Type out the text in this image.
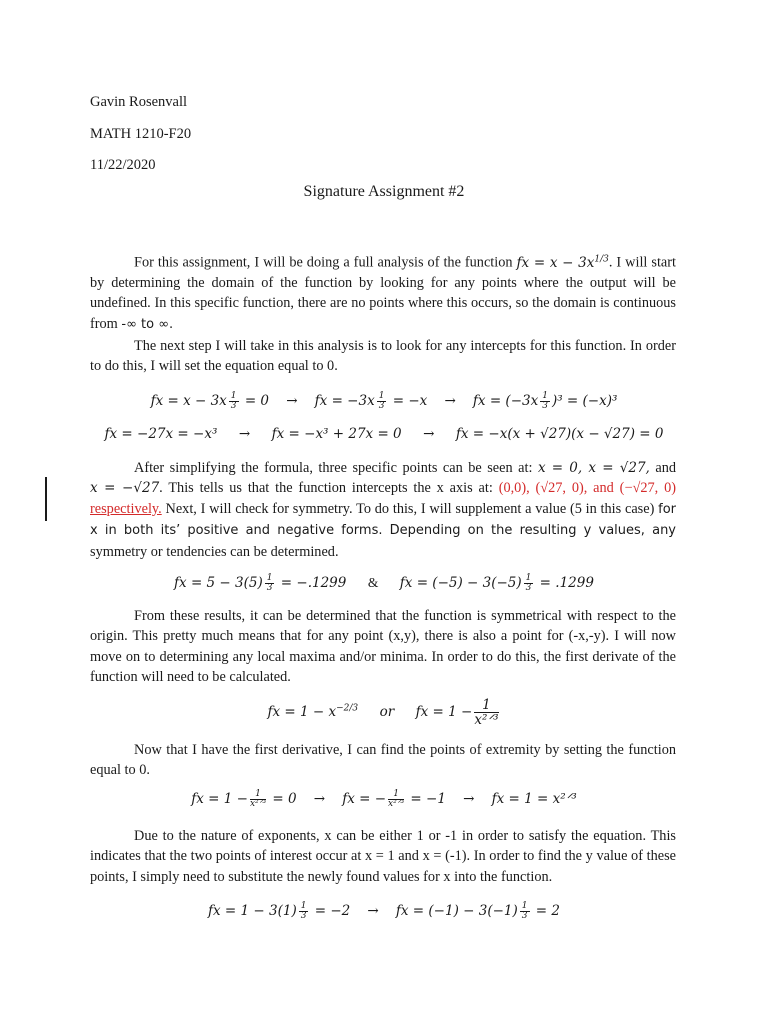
Gavin Rosenvall
MATH 1210-F20
11/22/2020
Signature Assignment #2
For this assignment, I will be doing a full analysis of the function fx = $x - 3x^{1/3}$. I will start by determining the domain of the function by looking for any points where the output will be undefined. In this specific function, there are no points where this occurs, so the domain is continuous from -∞ to ∞.
The next step I will take in this analysis is to look for any intercepts for this function. In order to do this, I will set the equation equal to 0.
fx = $x - 3x \frac{1}{3} = 0$ → fx = $-3x \frac{1}{3} = -x$ → fx = $(-3x \frac{1}{3} )^3 = (-x)^3$
fx = −27x = −x³ → fx = −x³ + 27x = 0 → fx = −x(x + √27)(x − √27) = 0
After simplifying the formula, three specific points can be seen at: x = 0, x = √27, and x = −√27. This tells us that the function intercepts the x axis at: (0,0), (√27, 0), and (−√27, 0) respectively. Next, I will check for symmetry. To do this, I will supplement a value (5 in this case) for x in both its’ positive and negative forms. Depending on the resulting y values, any symmetry or tendencies can be determined.
fx = $5 - 3(5) \frac{1}{3} = -.1299$ & fx = $(-5) - 3(-5) \frac{1}{3} = .1299$
From these results, it can be determined that the function is symmetrical with respect to the origin. This pretty much means that for any point (x,y), there is also a point for (-x,-y). I will now move on to determining any local maxima and/or minima. In order to do this, the first derivate of the function will need to be calculated.
fx = $1 - x^{-2/3}$ or fx = $1 - \frac{1}{\text{x²ᐟ³}}$
Now that I have the first derivative, I can find the points of extremity by setting the function equal to 0.
fx = $1 - \frac{1}{\text{x²ᐟ³}} = 0$ → fx = − $\frac{1}{\text{x²ᐟ³}} = -1$ → fx = 1 = x²ᐟ³
Due to the nature of exponents, x can be either 1 or -1 in order to satisfy the equation. This indicates that the two points of interest occur at x = 1 and x = (-1). In order to find the y value of these points, I simply need to substitute the newly found values for x into the function.
fx = $1 - 3(1) \frac{1}{3} = -2$ → fx = $(-1) - 3(-1) \frac{1}{3} = 2$
